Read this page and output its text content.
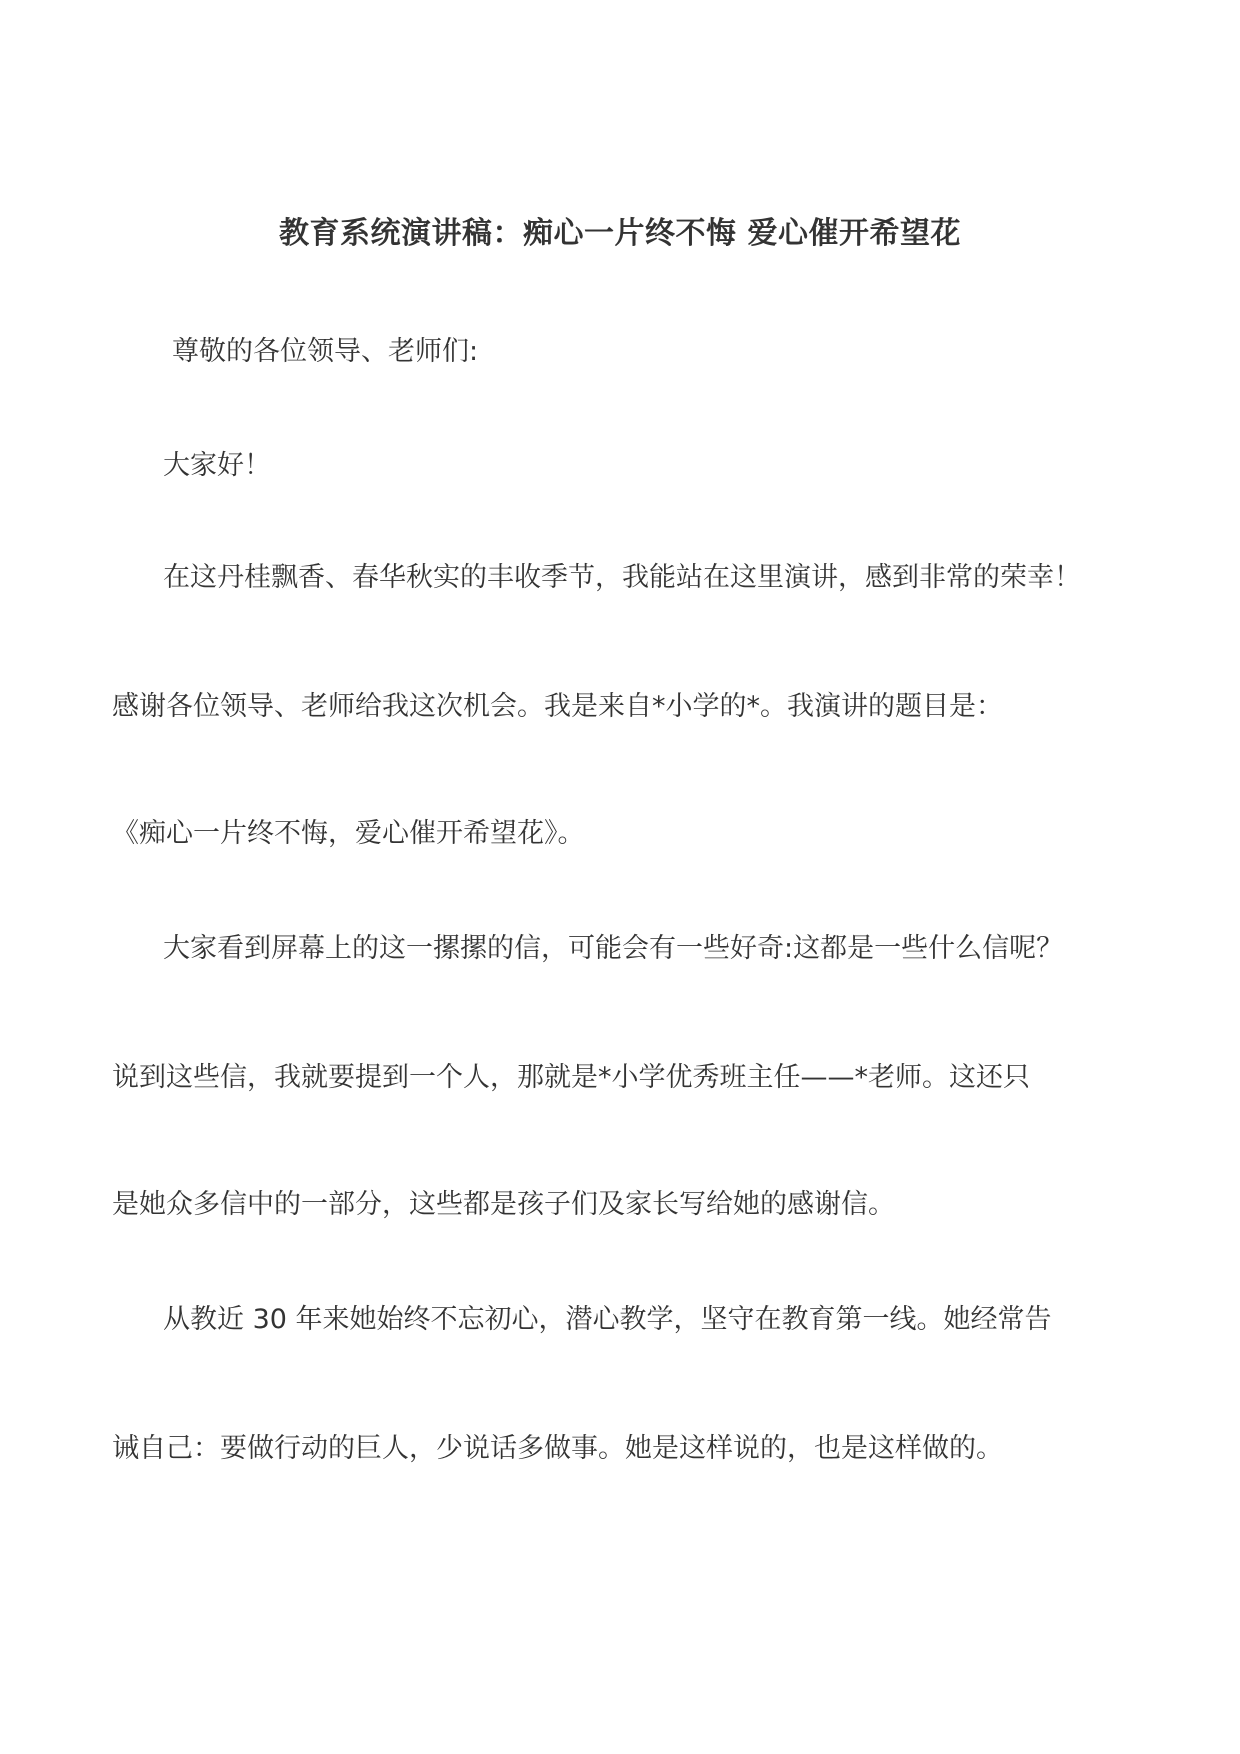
教育系统演讲稿：痴心一片终不悔 爱心催开希望花
尊敬的各位领导、老师们:
大家好！
在这丹桂飘香、春华秋实的丰收季节，我能站在这里演讲，感到非常的荣幸！
感谢各位领导、老师给我这次机会。我是来自*小学的*。我演讲的题目是：
《痴心一片终不悔，爱心催开希望花》。
大家看到屏幕上的这一摞摞的信，可能会有一些好奇:这都是一些什么信呢？
说到这些信，我就要提到一个人，那就是*小学优秀班主任——*老师。这还只
是她众多信中的一部分，这些都是孩子们及家长写给她的感谢信。
从教近 30 年来她始终不忘初心，潜心教学，坚守在教育第一线。她经常告
诫自己：要做行动的巨人，少说话多做事。她是这样说的，也是这样做的。
